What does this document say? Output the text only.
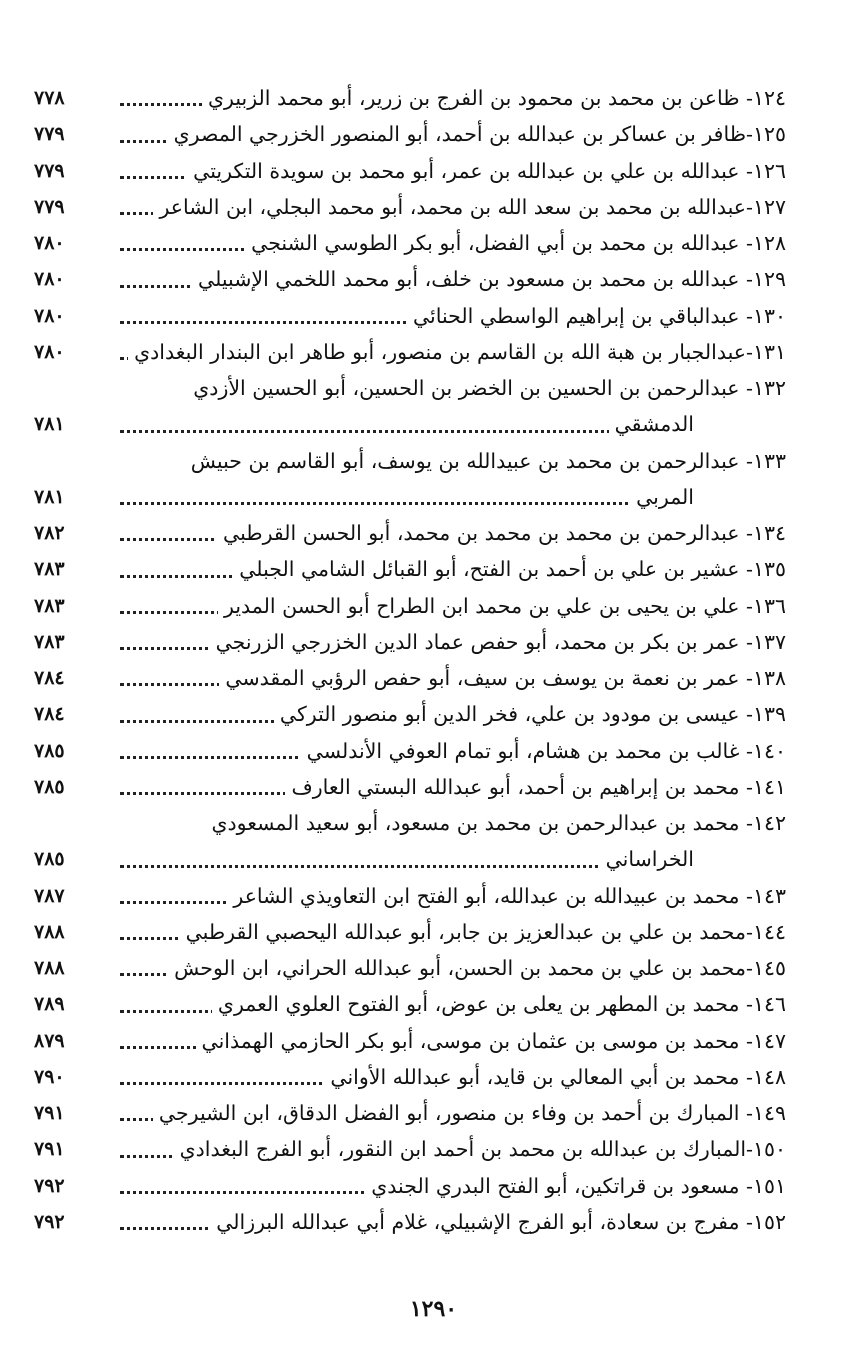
١٢٤- ظاعن بن محمد بن محمود بن الفرج بن زرير، أبو محمد الزبيري
٧٧٨
١٢٥-ظافر بن عساكر بن عبدالله بن أحمد، أبو المنصور الخزرجي المصري
٧٧٩
١٢٦- عبدالله بن علي بن عبدالله بن عمر، أبو محمد بن سويدة التكريتي
٧٧٩
١٢٧-عبدالله بن محمد بن سعد الله بن محمد، أبو محمد البجلي، ابن الشاعر
٧٧٩
١٢٨- عبدالله بن محمد بن أبي الفضل، أبو بكر الطوسي الشنجي
٧٨٠
١٢٩- عبدالله بن محمد بن مسعود بن خلف، أبو محمد اللخمي الإشبيلي
٧٨٠
١٣٠- عبدالباقي بن إبراهيم الواسطي الحنائي
٧٨٠
١٣١-عبدالجبار بن هبة الله بن القاسم بن منصور، أبو طاهر ابن البندار البغدادي
٧٨٠
١٣٢- عبدالرحمن بن الحسين بن الخضر بن الحسين، أبو الحسين الأزدي
الدمشقي
٧٨١
١٣٣- عبدالرحمن بن محمد بن عبيدالله بن يوسف، أبو القاسم بن حبيش
المربي
٧٨١
١٣٤- عبدالرحمن بن محمد بن محمد بن محمد، أبو الحسن القرطبي
٧٨٢
١٣٥- عشير بن علي بن أحمد بن الفتح، أبو القبائل الشامي الجبلي
٧٨٣
١٣٦- علي بن يحيى بن علي بن محمد ابن الطراح أبو الحسن المدير
٧٨٣
١٣٧- عمر بن بكر بن محمد، أبو حفص عماد الدين الخزرجي الزرنجي
٧٨٣
١٣٨- عمر بن نعمة بن يوسف بن سيف، أبو حفص الرؤبي المقدسي
٧٨٤
١٣٩- عيسى بن مودود بن علي، فخر الدين أبو منصور التركي
٧٨٤
١٤٠- غالب بن محمد بن هشام، أبو تمام العوفي الأندلسي
٧٨٥
١٤١- محمد بن إبراهيم بن أحمد، أبو عبدالله البستي العارف
٧٨٥
١٤٢- محمد بن عبدالرحمن بن محمد بن مسعود، أبو سعيد المسعودي
الخراساني
٧٨٥
١٤٣- محمد بن عبيدالله بن عبدالله، أبو الفتح ابن التعاويذي الشاعر
٧٨٧
١٤٤-محمد بن علي بن عبدالعزيز بن جابر، أبو عبدالله اليحصبي القرطبي
٧٨٨
١٤٥-محمد بن علي بن محمد بن الحسن، أبو عبدالله الحراني، ابن الوحش
٧٨٨
١٤٦- محمد بن المطهر بن يعلى بن عوض، أبو الفتوح العلوي العمري
٧٨٩
١٤٧- محمد بن موسى بن عثمان بن موسى، أبو بكر الحازمي الهمذاني
٨٧٩
١٤٨- محمد بن أبي المعالي بن قايد، أبو عبدالله الأواني
٧٩٠
١٤٩- المبارك بن أحمد بن وفاء بن منصور، أبو الفضل الدقاق، ابن الشيرجي
٧٩١
١٥٠-المبارك بن عبدالله بن محمد بن أحمد ابن النقور، أبو الفرج البغدادي
٧٩١
١٥١- مسعود بن قراتكين، أبو الفتح البدري الجندي
٧٩٢
١٥٢- مفرج بن سعادة، أبو الفرج الإشبيلي، غلام أبي عبدالله البرزالي
٧٩٢
١٢٩٠
